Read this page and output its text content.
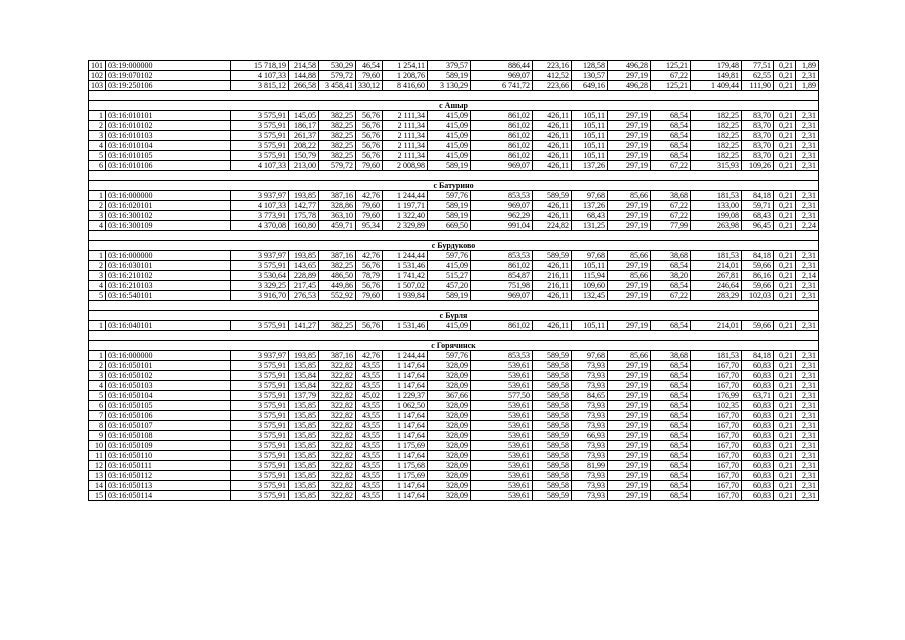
101	03:19:000000	15 718,19	214,58	530,29	46,54	1 254,11	379,57	886,44	223,16	128,58	496,28	125,21	179,48	77,51	0,21	1,89
102	03:19:070102	4 107,33	144,88	579,72	79,60	1 208,76	589,19	969,07	412,52	130,57	297,19	67,22	149,81	62,55	0,21	2,31
103	03:19:250106	3 815,12	266,58	3 458,41	330,12	8 416,60	3 130,29	6 741,72	223,66	649,16	496,28	125,21	1 409,44	111,90	0,21	1,89

с Ашыр																
1	03:16:010101	3 575,91	145,05	382,25	56,76	2 111,34	415,09	861,02	426,11	105,11	297,19	68,54	182,25	83,70	0,21	2,31
2	03:16:010102	3 575,91	186,17	382,25	56,76	2 111,34	415,09	861,02	426,11	105,11	297,19	68,54	182,25	83,70	0,21	2,31
3	03:16:010103	3 575,91	261,37	382,25	56,76	2 111,34	415,09	861,02	426,11	105,11	297,19	68,54	182,25	83,70	0,21	2,31
4	03:16:010104	3 575,91	208,22	382,25	56,76	2 111,34	415,09	861,02	426,11	105,11	297,19	68,54	182,25	83,70	0,21	2,31
5	03:16:010105	3 575,91	150,79	382,25	56,76	2 111,34	415,09	861,02	426,11	105,11	297,19	68,54	182,25	83,70	0,21	2,31
6	03:16:010106	4 107,33	213,00	579,72	79,60	2 008,98	589,19	969,07	426,11	137,26	297,19	67,22	315,93	109,26	0,21	2,31

с Батурино																
1	03:16:000000	3 937,97	193,85	387,16	42,76	1 244,44	597,76	853,53	589,59	97,68	85,66	38,68	181,53	84,18	0,21	2,31
2	03:16:020101	4 107,33	142,77	328,86	79,60	1 197,71	589,19	969,07	426,11	137,26	297,19	67,22	133,00	59,71	0,21	2,31
3	03:16:300102	3 773,91	175,78	363,10	79,60	1 322,40	589,19	962,29	426,11	68,43	297,19	67,22	199,08	68,43	0,21	2,31
4	03:16:300109	4 370,08	160,80	459,71	95,34	2 329,89	669,50	991,04	224,82	131,25	297,19	77,99	263,98	96,45	0,21	2,24

с Бурдуково																
1	03:16:000000	3 937,97	193,85	387,16	42,76	1 244,44	597,76	853,53	589,59	97,68	85,66	38,68	181,53	84,18	0,21	2,31
2	03:16:030101	3 575,91	143,65	382,25	56,76	1 531,46	415,09	861,02	426,11	105,11	297,19	68,54	214,01	59,66	0,21	2,31
3	03:16:210102	3 530,64	228,89	486,50	78,79	1 741,42	515,27	854,87	216,11	115,94	85,66	38,20	267,81	86,16	0,21	2,14
4	03:16:210103	3 329,25	217,45	449,86	56,76	1 507,02	457,20	751,98	216,11	109,60	297,19	68,54	246,64	59,66	0,21	2,31
5	03:16:540101	3 916,70	276,53	552,92	79,60	1 939,84	589,19	969,07	426,11	132,45	297,19	67,22	283,29	102,03	0,21	2,31

с Бурля																
1	03:16:040101	3 575,91	141,27	382,25	56,76	1 531,46	415,09	861,02	426,11	105,11	297,19	68,54	214,01	59,66	0,21	2,31

с Горячинск																
1	03:16:000000	3 937,97	193,85	387,16	42,76	1 244,44	597,76	853,53	589,59	97,68	85,66	38,68	181,53	84,18	0,21	2,31
2	03:16:050101	3 575,91	135,85	322,82	43,55	1 147,64	328,09	539,61	589,58	73,93	297,19	68,54	167,70	60,83	0,21	2,31
3	03:16:050102	3 575,91	135,84	322,82	43,55	1 147,64	328,09	539,61	589,58	73,93	297,19	68,54	167,70	60,83	0,21	2,31
4	03:16:050103	3 575,91	135,84	322,82	43,55	1 147,64	328,09	539,61	589,58	73,93	297,19	68,54	167,70	60,83	0,21	2,31
5	03:16:050104	3 575,91	137,79	322,82	45,02	1 229,37	367,66	577,50	589,58	84,65	297,19	68,54	176,99	63,71	0,21	2,31
6	03:16:050105	3 575,91	135,85	322,82	43,55	1 062,50	328,09	539,61	589,58	73,93	297,19	68,54	102,35	60,83	0,21	2,31
7	03:16:050106	3 575,91	135,85	322,82	43,55	1 147,64	328,09	539,61	589,58	73,93	297,19	68,54	167,70	60,83	0,21	2,31
8	03:16:050107	3 575,91	135,85	322,82	43,55	1 147,64	328,09	539,61	589,58	73,93	297,19	68,54	167,70	60,83	0,21	2,31
9	03:16:050108	3 575,91	135,85	322,82	43,55	1 147,64	328,09	539,61	589,59	66,93	297,19	68,54	167,70	60,83	0,21	2,31
10	03:16:050109	3 575,91	135,85	322,82	43,55	1 175,69	328,09	539,61	589,58	73,93	297,19	68,54	167,70	60,83	0,21	2,31
11	03:16:050110	3 575,91	135,85	322,82	43,55	1 147,64	328,09	539,61	589,58	73,93	297,19	68,54	167,70	60,83	0,21	2,31
12	03:16:050111	3 575,91	135,85	322,82	43,55	1 175,68	328,09	539,61	589,58	81,99	297,19	68,54	167,70	60,83	0,21	2,31
13	03:16:050112	3 575,91	135,85	322,82	43,55	1 175,69	328,09	539,61	589,58	73,93	297,19	68,54	167,70	60,83	0,21	2,31
14	03:16:050113	3 575,91	135,85	322,82	43,55	1 147,64	328,09	539,61	589,58	73,93	297,19	68,54	167,70	60,83	0,21	2,31
15	03:16:050114	3 575,91	135,85	322,82	43,55	1 147,64	328,09	539,61	589,59	73,93	297,19	68,54	167,70	60,83	0,21	2,31
